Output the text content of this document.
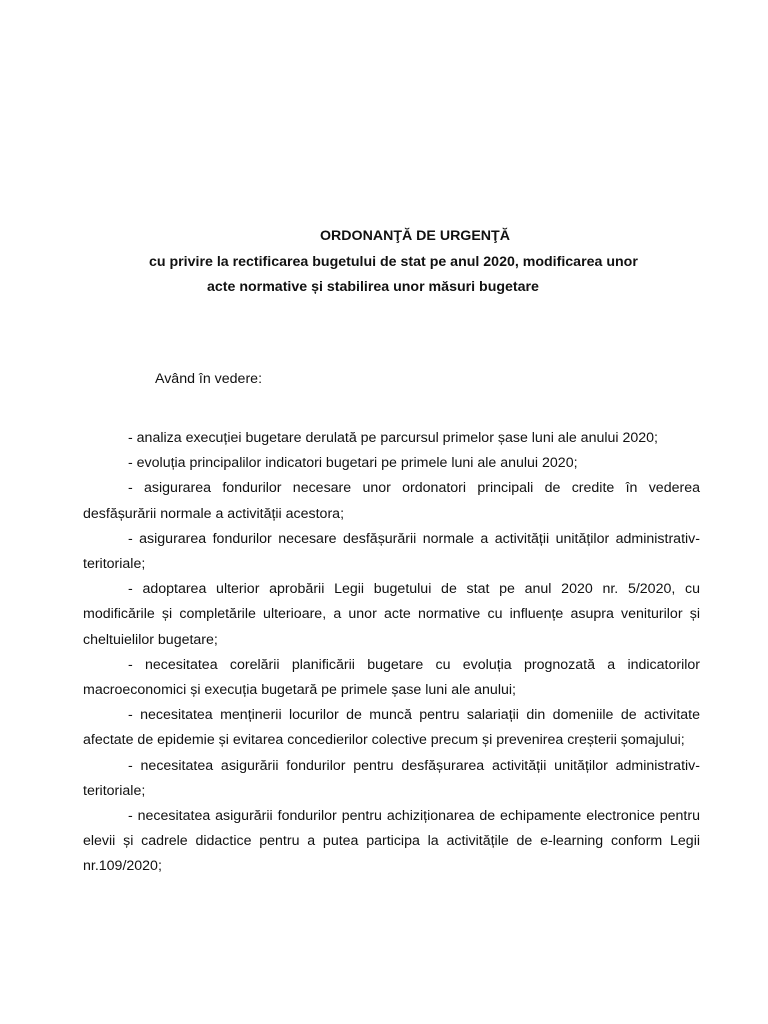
ORDONANŢĂ DE URGENŢĂ
cu privire la rectificarea bugetului de stat pe anul 2020, modificarea unor
acte normative și stabilirea unor măsuri bugetare
Având în vedere:

- analiza execuției bugetare derulată pe parcursul primelor șase luni ale anului 2020;

- evoluția principalilor indicatori bugetari pe primele luni ale anului 2020;

- asigurarea fondurilor necesare unor ordonatori principali de credite în vederea desfășurării normale a activității acestora;

- asigurarea fondurilor necesare desfășurării normale a activității unităților administrativ-teritoriale;

- adoptarea ulterior aprobării Legii bugetului de stat pe anul 2020 nr. 5/2020, cu modificările și completările ulterioare, a unor acte normative cu influențe asupra veniturilor și cheltuielilor bugetare;

- necesitatea corelării planificării bugetare cu evoluția prognozată a indicatorilor macroeconomici și execuția bugetară pe primele șase luni ale anului;

- necesitatea menținerii locurilor de muncă pentru salariații din domeniile de activitate afectate de epidemie și evitarea concedierilor colective precum și prevenirea creșterii șomajului;

- necesitatea asigurării fondurilor pentru desfășurarea activității unităților administrativ-teritoriale;

- necesitatea asigurării fondurilor pentru achiziționarea de echipamente electronice pentru elevii și cadrele didactice pentru a putea participa la activitățile de e-learning conform Legii nr.109/2020;
